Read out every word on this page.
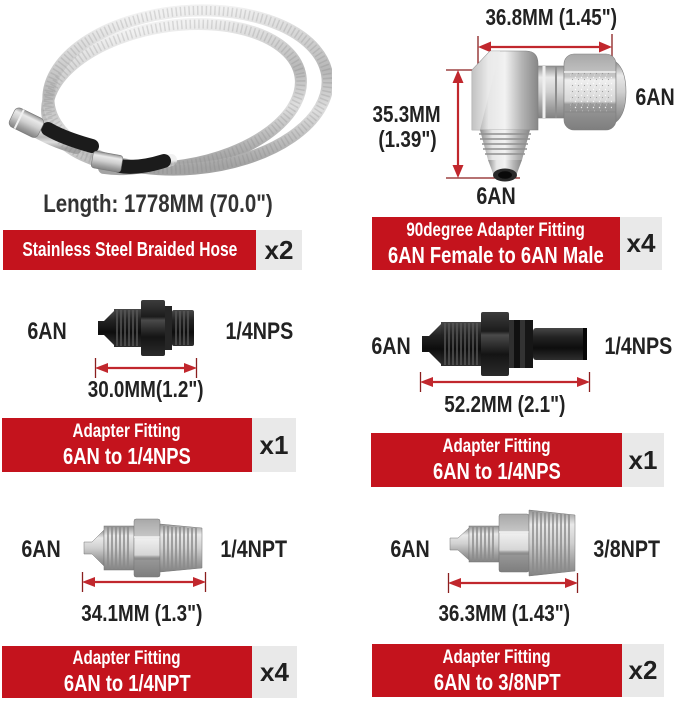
Length: 1778MM (70.0")
Stainless Steel Braided Hose	x2
36.8MM (1.45")
35.3MM
(1.39")
6AN
6AN
90degree Adapter Fitting
6AN Female to 6AN Male x4
6AN	1/4NPS
30.0MM(1.2")
Adapter Fitting
6AN to 1/4NPS	x1
6AN	1/4NPS
52.2MM (2.1")
Adapter Fitting
6AN to 1/4NPS	x1
6AN	1/4NPT
34.1MM (1.3")
Adapter Fitting
6AN to 1/4NPT	x4
6AN	3/8NPT
36.3MM (1.43")
Adapter Fitting
6AN to 3/8NPT	x2
